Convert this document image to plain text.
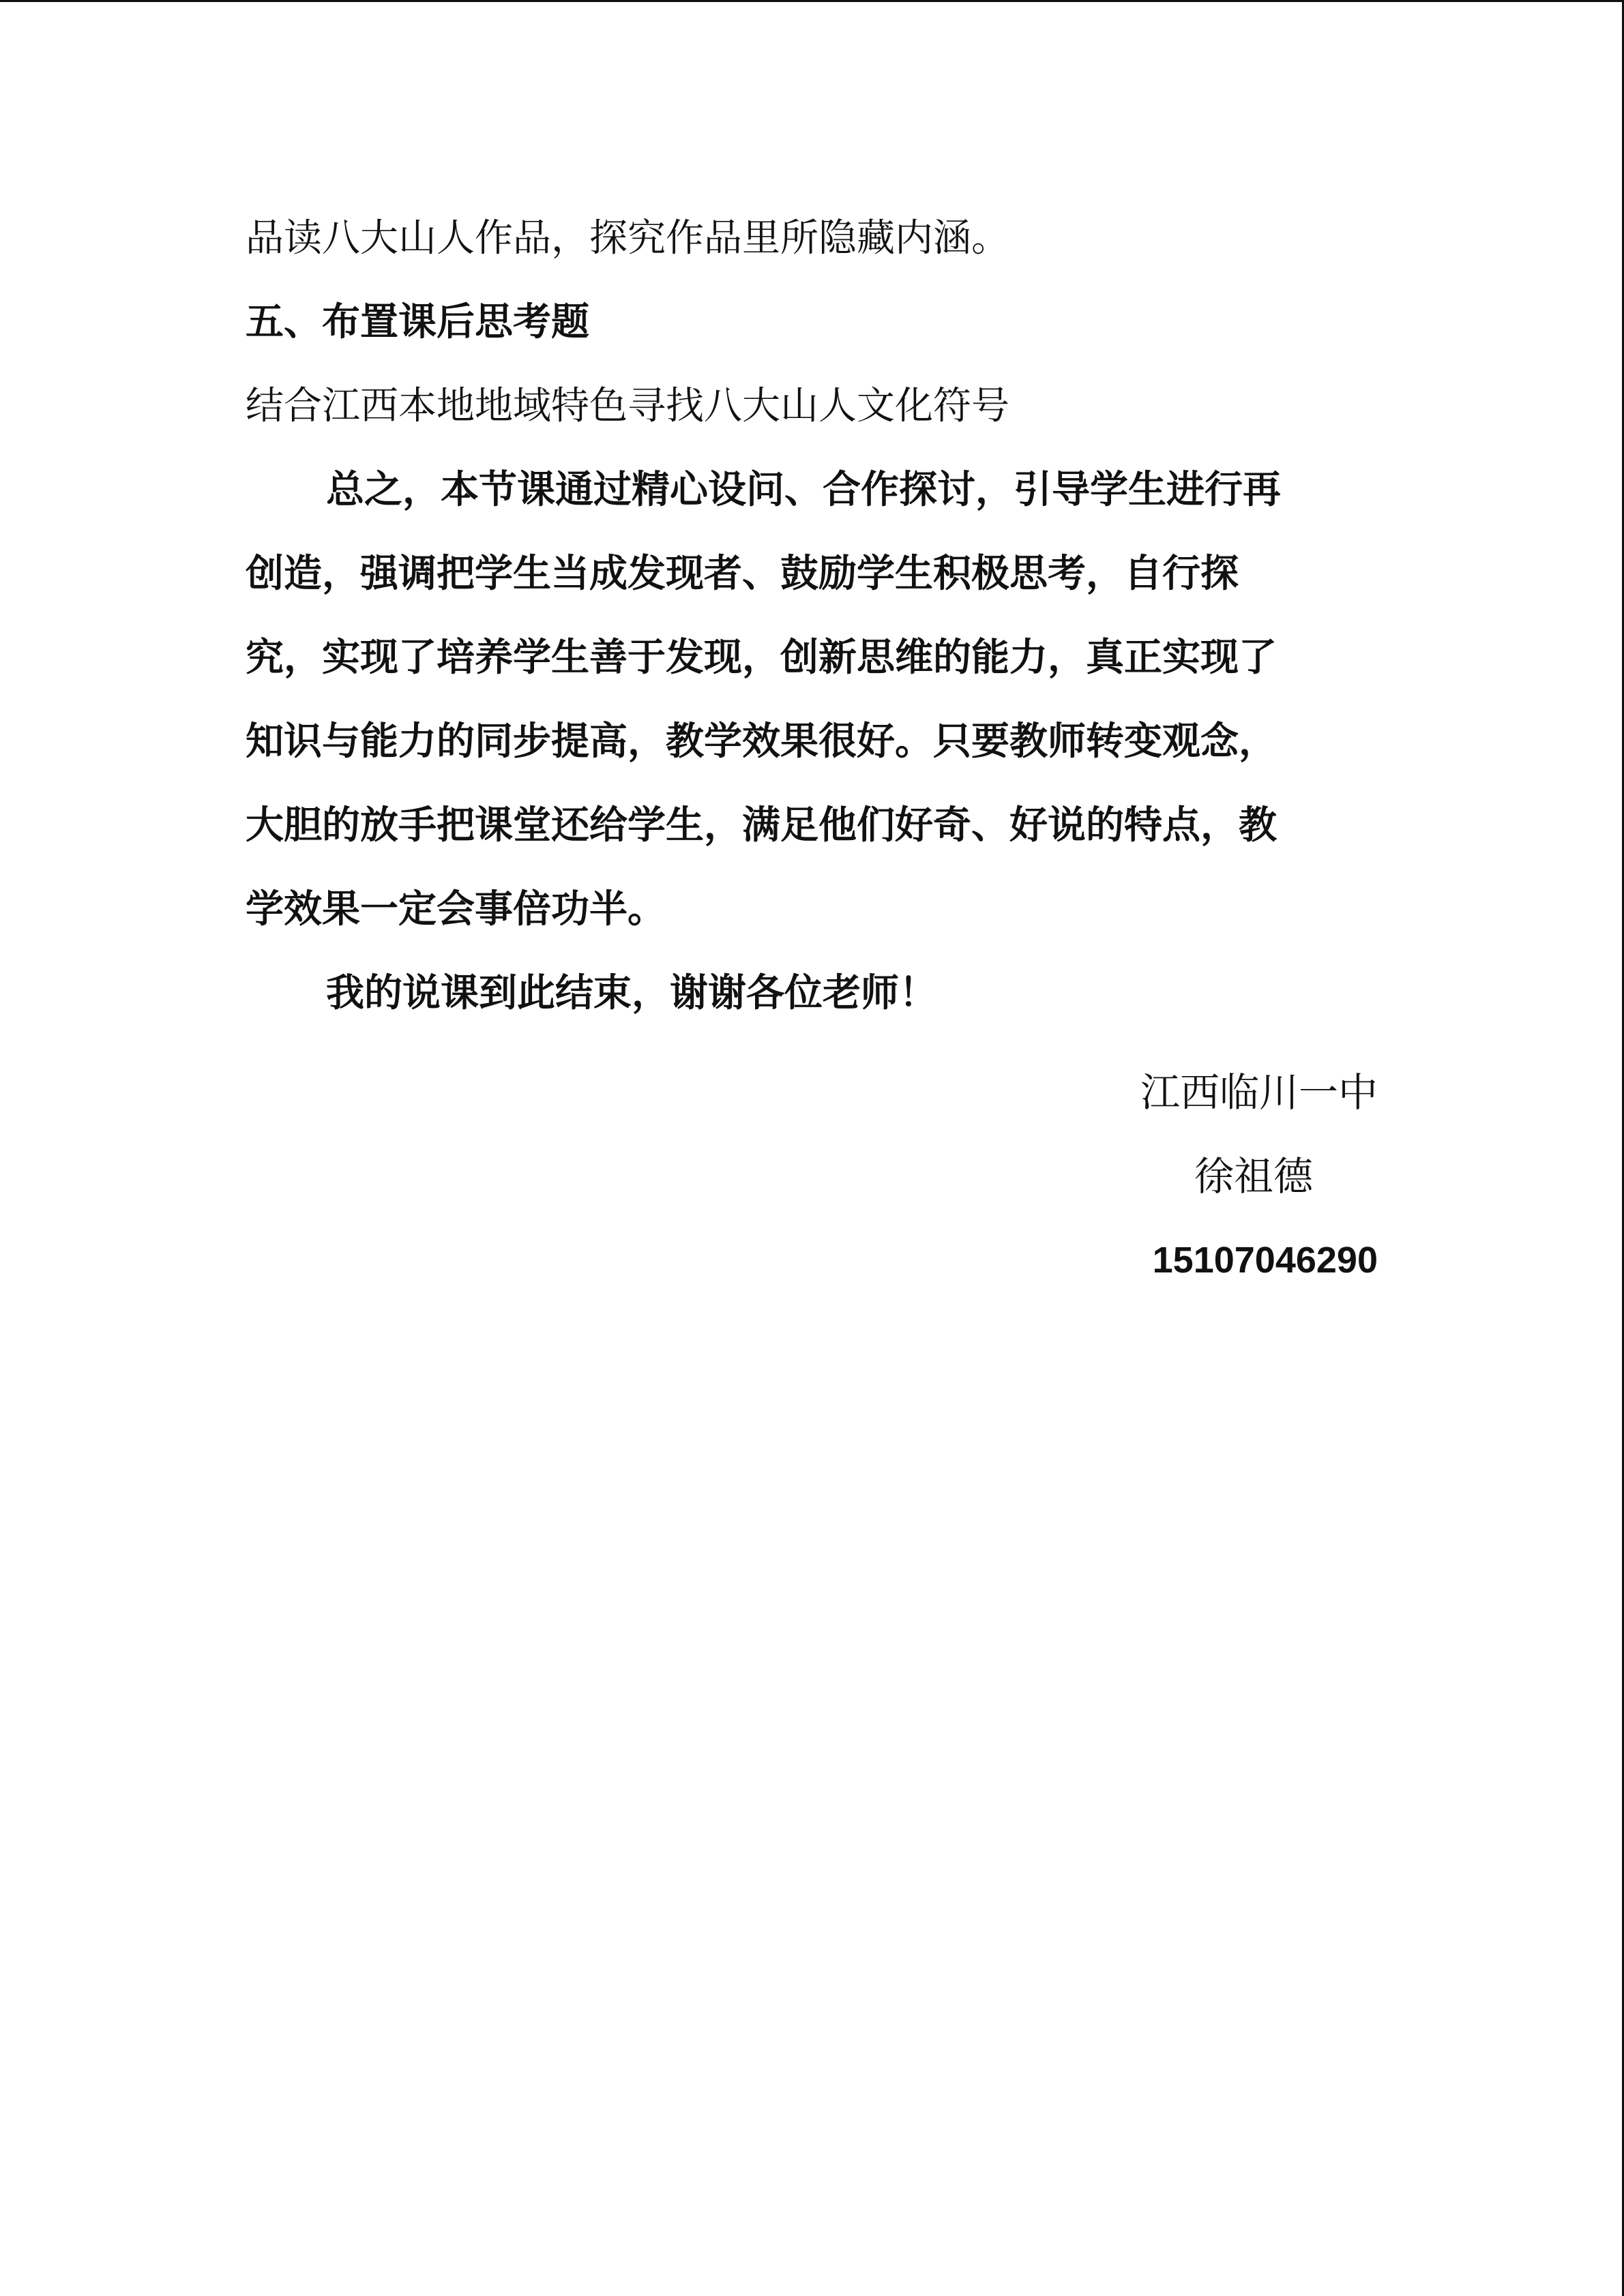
品读八大山人作品，探究作品里所隐藏内涵。

五、布置课后思考题

结合江西本地地域特色寻找八大山人文化符号

总之，本节课通过精心设问、合作探讨，引导学生进行再

创造，强调把学生当成发现者、鼓励学生积极思考，自行探

究，实现了培养学生善于发现，创新思维的能力，真正实现了

知识与能力的同步提高，教学效果很好。只要教师转变观念，

大胆的放手把课堂还给学生，满足他们好奇、好说的特点，教

学效果一定会事倍功半。

我的说课到此结束，谢谢各位老师！

江西临川一中

徐祖德

15107046290
